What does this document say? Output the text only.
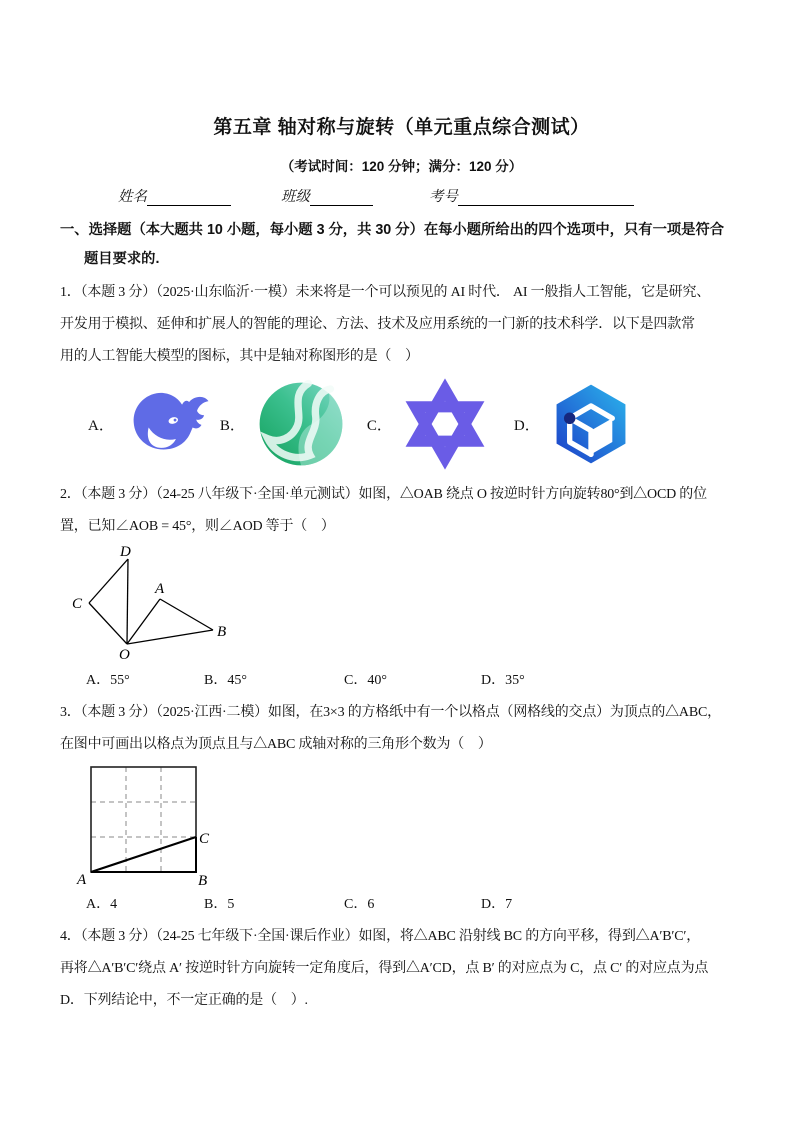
第五章 轴对称与旋转（单元重点综合测试）
（考试时间：120 分钟；满分：120 分）
姓名	班级	考号
一、选择题（本大题共 10 小题，每小题 3 分，共 30 分）在每小题所给出的四个选项中，只有一项是符合
题目要求的.
1．（本题 3 分）（2025·山东临沂·一模）未来将是一个可以预见的 AI 时代． AI 一般指人工智能，它是研究、
开发用于模拟、延伸和扩展人的智能的理论、方法、技术及应用系统的一门新的技术科学．以下是四款常
用的人工智能大模型的图标，其中是轴对称图形的是（　）
A．	B．	C．	D．
2．（本题 3 分）（24-25 八年级下·全国·单元测试）如图，△OAB 绕点 O 按逆时针方向旋转80°到△OCD 的位
置，已知∠AOB = 45°，则∠AOD 等于（　）
D
C
A
B
O
A．55°	B．45°	C．40°	D．35°
3．（本题 3 分）（2025·江西·二模）如图，在3×3 的方格纸中有一个以格点（网格线的交点）为顶点的△ABC，
在图中可画出以格点为顶点且与△ABC 成轴对称的三角形个数为（　）
A	B
C
A．4	B．5	C．6	D．7
4．（本题 3 分）（24-25 七年级下·全国·课后作业）如图，将△ABC 沿射线 BC 的方向平移，得到△A′B′C′，
再将△A′B′C′绕点 A′ 按逆时针方向旋转一定角度后，得到△A′CD，点 B′ 的对应点为 C，点 C′ 的对应点为点
D．下列结论中，不一定正确的是（　）.
